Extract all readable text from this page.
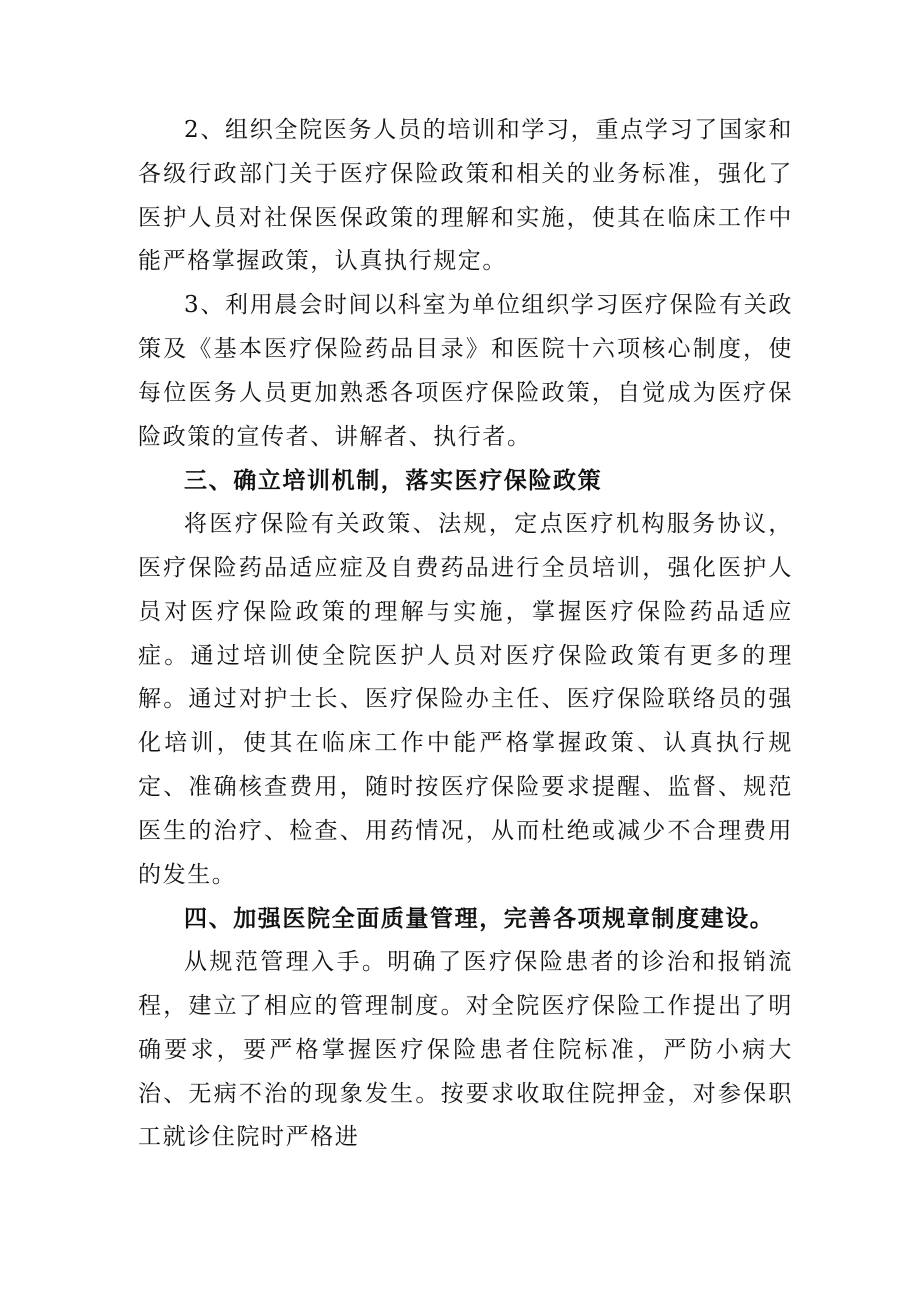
2、组织全院医务人员的培训和学习，重点学习了国家和各级行政部门关于医疗保险政策和相关的业务标准，强化了医护人员对社保医保政策的理解和实施，使其在临床工作中能严格掌握政策，认真执行规定。

3、利用晨会时间以科室为单位组织学习医疗保险有关政策及《基本医疗保险药品目录》和医院十六项核心制度，使每位医务人员更加熟悉各项医疗保险政策，自觉成为医疗保险政策的宣传者、讲解者、执行者。

三、确立培训机制，落实医疗保险政策

将医疗保险有关政策、法规，定点医疗机构服务协议，医疗保险药品适应症及自费药品进行全员培训，强化医护人员对医疗保险政策的理解与实施，掌握医疗保险药品适应症。通过培训使全院医护人员对医疗保险政策有更多的理解。通过对护士长、医疗保险办主任、医疗保险联络员的强化培训，使其在临床工作中能严格掌握政策、认真执行规定、准确核查费用，随时按医疗保险要求提醒、监督、规范医生的治疗、检查、用药情况，从而杜绝或减少不合理费用的发生。

四、加强医院全面质量管理，完善各项规章制度建设。

从规范管理入手。明确了医疗保险患者的诊治和报销流程，建立了相应的管理制度。对全院医疗保险工作提出了明确要求，要严格掌握医疗保险患者住院标准，严防小病大治、无病不治的现象发生。按要求收取住院押金，对参保职工就诊住院时严格进
